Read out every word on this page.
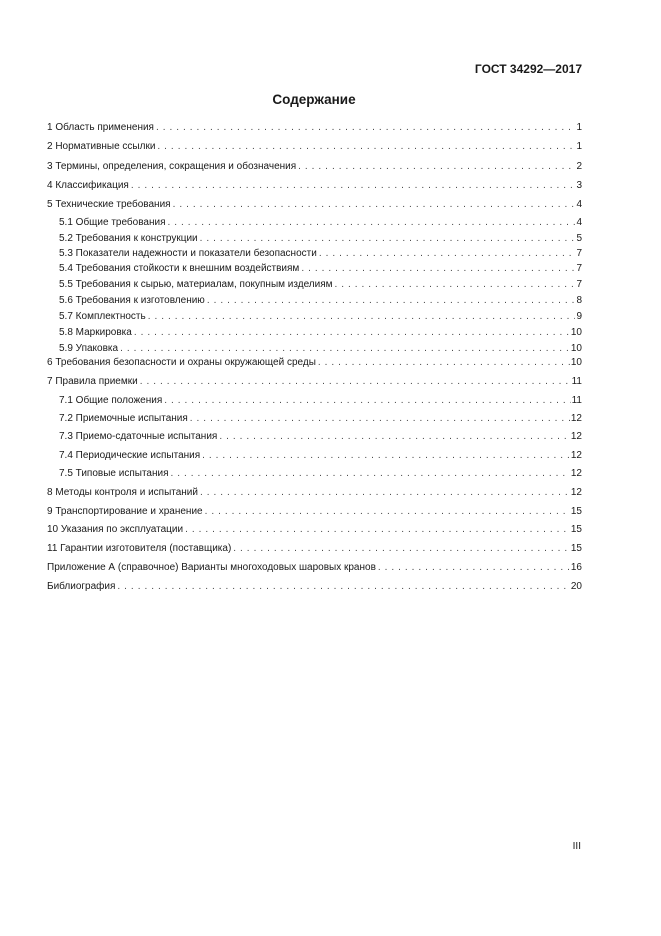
ГОСТ 34292—2017
Содержание
1 Область применения . . .	1
2 Нормативные ссылки . . .	1
3 Термины, определения, сокращения и обозначения . . .	2
4 Классификация . . .	3
5 Технические требования . . .	4
5.1 Общие требования . . .	4
5.2 Требования к конструкции . . .	5
5.3 Показатели надежности и показатели безопасности . . .	7
5.4 Требования стойкости к внешним воздействиям . . .	7
5.5 Требования к сырью, материалам, покупным изделиям . . .	7
5.6 Требования к изготовлению . . .	8
5.7 Комплектность . . .	9
5.8 Маркировка . . .	10
5.9 Упаковка . . .	10
6 Требования безопасности и охраны окружающей среды . . .	10
7 Правила приемки . . .	11
7.1 Общие положения . . .	11
7.2 Приемочные испытания . . .	12
7.3 Приемо-сдаточные испытания . . .	12
7.4 Периодические испытания . . .	12
7.5 Типовые испытания . . .	12
8 Методы контроля и испытаний . . .	12
9 Транспортирование и хранение . . .	15
10 Указания по эксплуатации . . .	15
11 Гарантии изготовителя (поставщика) . . .	15
Приложение А (справочное) Варианты многоходовых шаровых кранов . . .	16
Библиография . . .	20
III
